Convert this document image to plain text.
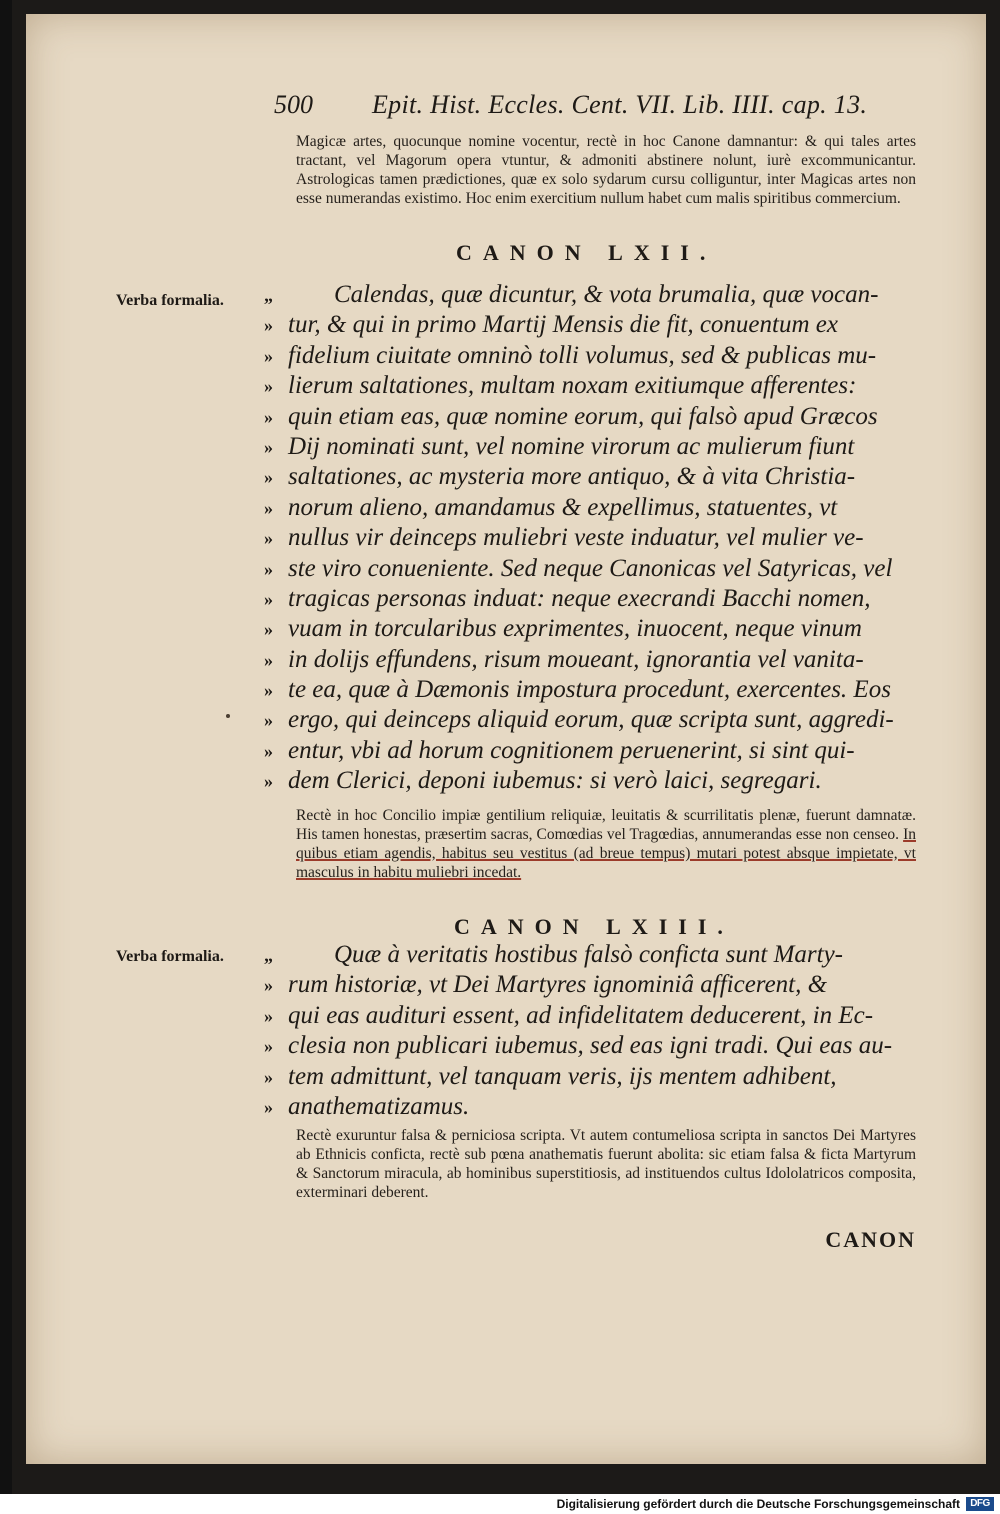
500 Epit. Hist. Eccles. Cent. VII. Lib. IIII. cap. 13.

Magicæ artes, quocunque nomine vocentur, rectè in hoc Canone damnantur: & qui tales artes tractant, vel Magorum opera vtuntur, & admoniti abstinere nolunt, iurè excommunicantur. Astrologicas tamen prædictiones, quæ ex solo sydarum cursu colliguntur, inter Magicas artes non esse numerandas existimo. Hoc enim exercitium nullum habet cum malis spiritibus commercium.

CANON LXII.
Verba formalia. „ Calendas, quæ dicuntur, & vota brumalia, quæ vocan-
» tur, & qui in primo Martij Mensis die fit, conuentum ex
» fidelium ciuitate omninò tolli volumus, sed & publicas mu-
» lierum saltationes, multam noxam exitiumque afferentes:
» quin etiam eas, quæ nomine eorum, qui falsò apud Græcos
» Dij nominati sunt, vel nomine virorum ac mulierum fiunt
» saltationes, ac mysteria more antiquo, & à vita Christia-
» norum alieno, amandamus & expellimus, statuentes, vt
» nullus vir deinceps muliebri veste induatur, vel mulier ve-
» ste viro conueniente. Sed neque Canonicas vel Satyricas, vel
» tragicas personas induat: neque execrandi Bacchi nomen,
» vuam in torcularibus exprimentes, inuocent, neque vinum
» in dolijs effundens, risum moueant, ignorantia vel vanita-
» te ea, quæ à Dæmonis impostura procedunt, exercentes. Eos
» ergo, qui deinceps aliquid eorum, quæ scripta sunt, aggredi-
» entur, vbi ad horum cognitionem peruenerint, si sint qui-
» dem Clerici, deponi iubemus: si verò laici, segregari.

Rectè in hoc Concilio impiæ gentilium reliquiæ, leuitatis & scurrilitatis plenæ, fuerunt damnatæ. His tamen honestas, præsertim sacras, Comœdias vel Tragœdias, annumerandas esse non censeo. In quibus etiam agendis, habitus seu vestitus (ad breue tempus) mutari potest absque impietate, vt masculus in habitu muliebri incedat.

CANON LXIII.
Verba formalia. „ Quæ à veritatis hostibus falsò conficta sunt Marty-
» rum historiæ, vt Dei Martyres ignominiâ afficerent, &
» qui eas audituri essent, ad infidelitatem deducerent, in Ec-
» clesia non publicari iubemus, sed eas igni tradi. Qui eas au-
» tem admittunt, vel tanquam veris, ijs mentem adhibent,
» anathematizamus.

Rectè exuruntur falsa & perniciosa scripta. Vt autem contumeliosa scripta in sanctos Dei Martyres ab Ethnicis conficta, rectè sub pœna anathematis fuerunt abolita: sic etiam falsa & ficta Martyrum & Sanctorum miracula, ab hominibus superstitiosis, ad instituendos cultus Idololatricos composita, exterminari deberent.

CANON
Digitalisierung gefördert durch die Deutsche Forschungsgemeinschaft	DFG
